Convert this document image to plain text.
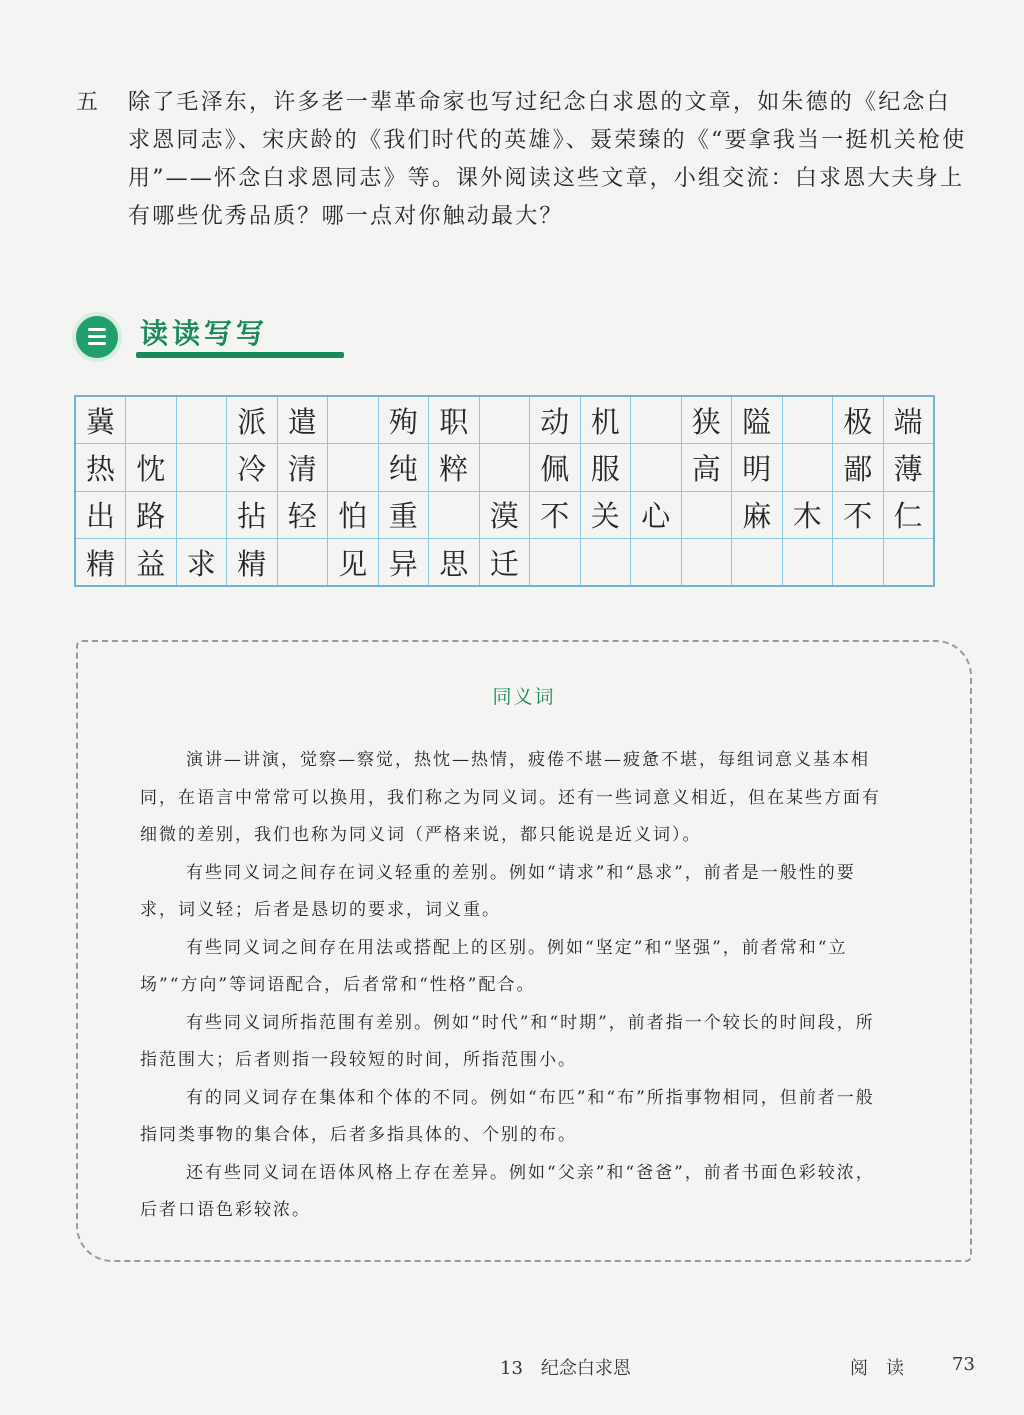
五 除了毛泽东，许多老一辈革命家也写过纪念白求恩的文章，如朱德的《纪念白求恩同志》、宋庆龄的《我们时代的英雄》、聂荣臻的《“要拿我当一挺机关枪使用”——怀念白求恩同志》等。课外阅读这些文章，小组交流：白求恩大夫身上有哪些优秀品质？哪一点对你触动最大？

读读写写
冀			派	遣		殉	职		动	机		狭	隘		极	端
热	忱		冷	清		纯	粹		佩	服		高	明		鄙	薄
出	路		拈	轻	怕	重		漠	不	关	心		麻	木	不	仁
精	益	求	精		见	异	思	迁								
同义词

演讲—讲演，觉察—察觉，热忱—热情，疲倦不堪—疲惫不堪，每组词意义基本相同，在语言中常常可以换用，我们称之为同义词。还有一些词意义相近，但在某些方面有细微的差别，我们也称为同义词（严格来说，都只能说是近义词）。

有些同义词之间存在词义轻重的差别。例如“请求”和“恳求”，前者是一般性的要求，词义轻；后者是恳切的要求，词义重。

有些同义词之间存在用法或搭配上的区别。例如“坚定”和“坚强”，前者常和“立场”“方向”等词语配合，后者常和“性格”配合。

有些同义词所指范围有差别。例如“时代”和“时期”，前者指一个较长的时间段，所指范围大；后者则指一段较短的时间，所指范围小。

有的同义词存在集体和个体的不同。例如“布匹”和“布”所指事物相同，但前者一般指同类事物的集合体，后者多指具体的、个别的布。

还有些同义词在语体风格上存在差异。例如“父亲”和“爸爸”，前者书面色彩较浓，后者口语色彩较浓。

13　纪念白求恩	阅　读	73
